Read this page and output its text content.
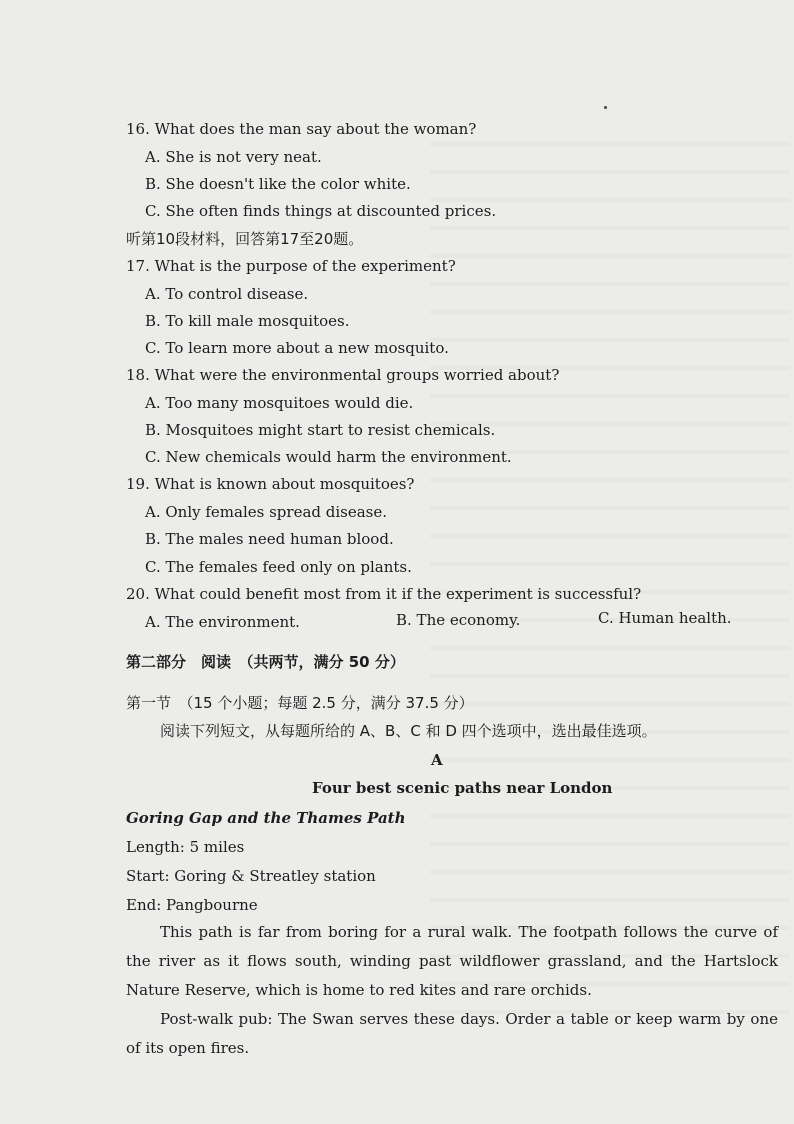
16. What does the man say about the woman?
A. She is not very neat.
B. She doesn't like the color white.
C. She often finds things at discounted prices.
听第10段材料，回答第17至20题。
17. What is the purpose of the experiment?
A. To control disease.
B. To kill male mosquitoes.
C. To learn more about a new mosquito.
18. What were the environmental groups worried about?
A. Too many mosquitoes would die.
B. Mosquitoes might start to resist chemicals.
C. New chemicals would harm the environment.
19. What is known about mosquitoes?
A. Only females spread disease.
B. The males need human blood.
C. The females feed only on plants.
20. What could benefit most from it if the experiment is successful?
A. The environment.	B. The economy.	C. Human health.
第二部分　阅读　（共两节，满分 50 分）
第一节　（15 个小题；每题 2.5 分，满分 37.5 分）
阅读下列短文，从每题所给的 A、B、C 和 D 四个选项中，选出最佳选项。
A
Four best scenic paths near London
Goring Gap and the Thames Path
Length: 5 miles
Start: Goring & Streatley station
End: Pangbourne
This path is far from boring for a rural walk. The footpath follows the curve of the river as it flows south, winding past wildflower grassland, and the Hartslock Nature Reserve, which is home to red kites and rare orchids.
Post-walk pub: The Swan serves these days. Order a table or keep warm by one of its open fires.
